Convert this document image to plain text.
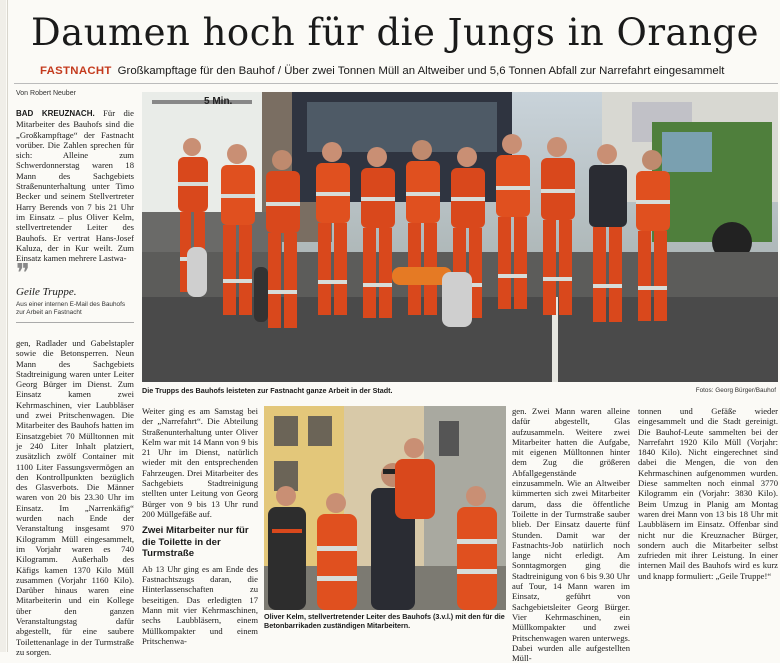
Daumen hoch für die Jungs in Orange
FASTNACHT Großkampftage für den Bauhof / Über zwei Tonnen Müll an Altweiber und 5,6 Tonnen Abfall zur Narrefahrt eingesammelt
Von Robert Neuber

BAD KREUZNACH. Für die Mitarbeiter des Bauhofs sind die „Großkampftage“ der Fastnacht vorüber. Die Zahlen sprechen für sich: Alleine zum Schwerdonnerstag waren 18 Mann des Sachgebiets Straßenunterhaltung unter Timo Becker und seinem Stellvertreter Harry Berends von 7 bis 21 Uhr im Einsatz – plus Oliver Kelm, stellvertretender Leiter des Bauhofs. Er vertrat Hans-Josef Kaluza, der in Kur weilt. Zum Einsatz kamen mehrere Lastwa-

❞
Geile Truppe.
Aus einer internen E-Mail des Bauhofs zur Arbeit an Fastnacht

gen, Radlader und Gabelstapler sowie die Betonsperren. Neun Mann des Sachgebiets Stadtreinigung waren unter Leiter Georg Bürger im Dienst. Zum Einsatz kamen zwei Kehrmaschinen, vier Laubbläser und zwei Pritschenwagen. Die Mitarbeiter des Bauhofs hatten im Einsatzgebiet 70 Mülltonnen mit je 240 Liter Inhalt platziert, zusätzlich zwölf Container mit 1100 Liter Fassungsvermögen an den Kontrollpunkten bezüglich des Glasverbots. Die Männer waren von 20 bis 23.30 Uhr im Einsatz. Im „Narrenkäfig“ wurden nach Ende der Veranstaltung insgesamt 970 Kilogramm Müll eingesammelt, im Vorjahr waren es 740 Kilogramm. Außerhalb des Käfigs kamen 1370 Kilo Müll zusammen (Vorjahr 1160 Kilo). Darüber hinaus waren eine Mitarbeiterin und ein Kollege über den ganzen Veranstaltungstag dafür abgestellt, für eine saubere Toilettenanlage in der Turmstraße zu sorgen.

5 Min.
Die Trupps des Bauhofs leisteten zur Fastnacht ganze Arbeit in der Stadt.	Fotos: Georg Bürger/Bauhof

Weiter ging es am Samstag bei der „Narrefahrt“. Die Abteilung Straßenunterhaltung unter Oliver Kelm war mit 14 Mann von 9 bis 21 Uhr im Dienst, natürlich wieder mit den entsprechenden Fahrzeugen. Drei Mitarbeiter des Sachgebiets Stadtreinigung stellten unter Leitung von Georg Bürger von 9 bis 13 Uhr rund 200 Müllgefäße auf.

Zwei Mitarbeiter nur für die Toilette in der Turmstraße

Ab 13 Uhr ging es am Ende des Fastnachtszugs daran, die Hinterlassenschaften zu beseitigen. Das erledigten 17 Mann mit vier Kehrmaschinen, sechs Laubbläsern, einem Müllkompakter und einem Pritschenwa-

Oliver Kelm, stellvertretender Leiter des Bauhofs (3.v.l.) mit den für die Betonbarrikaden zuständigen Mitarbeitern.

gen. Zwei Mann waren alleine dafür abgestellt, Glas aufzusammeln. Weitere zwei Mitarbeiter hatten die Aufgabe, mit eigenen Mülltonnen hinter dem Zug die größeren Abfallgegenstände einzusammeln. Wie an Altweiber kümmerten sich zwei Mitarbeiter darum, dass die öffentliche Toilette in der Turmstraße sauber blieb. Der Einsatz dauerte fünf Stunden. Damit war der Fastnachts-Job natürlich noch lange nicht erledigt. Am Sonntagmorgen ging die Stadtreinigung von 6 bis 9.30 Uhr auf Tour, 14 Mann waren im Einsatz, geführt von Sachgebietsleiter Georg Bürger. Vier Kehrmaschinen, ein Müllkompakter und zwei Pritschenwagen waren unterwegs. Dabei wurden alle aufgestellten Müll-

tonnen und Gefäße wieder eingesammelt und die Stadt gereinigt. Die Bauhof-Leute sammelten bei der Narrefahrt 1920 Kilo Müll (Vorjahr: 1840 Kilo). Nicht eingerechnet sind dabei die Mengen, die von den Kehrmaschinen aufgenommen wurden. Diese sammelten noch einmal 3770 Kilogramm ein (Vorjahr: 3830 Kilo). Beim Umzug in Planig am Montag waren drei Mann von 13 bis 18 Uhr mit Laubbläsern im Einsatz. Offenbar sind nicht nur die Kreuznacher Bürger, sondern auch die Mitarbeiter selbst zufrieden mit ihrer Leistung. In einer internen Mail des Bauhofs wird es kurz und knapp formuliert: „Geile Truppe!“
